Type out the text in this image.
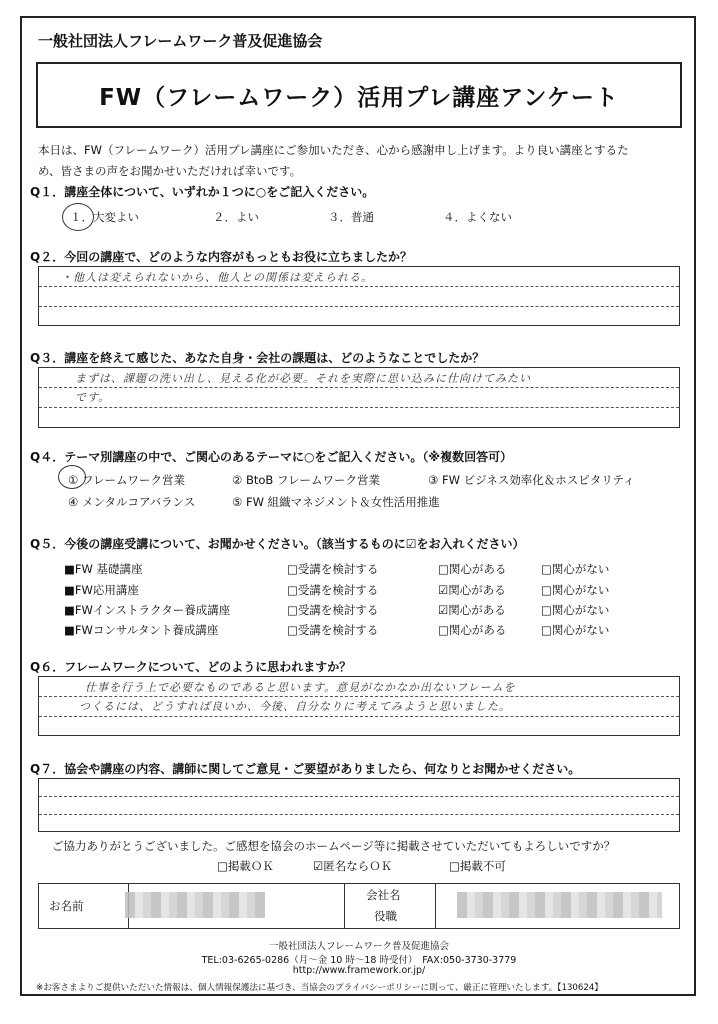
一般社団法人フレームワーク普及促進協会
FW（フレームワーク）活用プレ講座アンケート
本日は、FW（フレームワーク）活用プレ講座にご参加いただき、心から感謝申し上げます。より良い講座とするた
め、皆さまの声をお聞かせいただければ幸いです。
Q１．講座全体について、いずれか１つに○をご記入ください。
１．大変よい	２．よい	３．普通	４．よくない
Q２．今回の講座で、どのような内容がもっともお役に立ちましたか？
・他人は変えられないから、他人との関係は変えられる。
Q３．講座を終えて感じた、あなた自身・会社の課題は、どのようなことでしたか？
まずは、課題の洗い出し、見える化が必要。それを実際に思い込みに仕向けてみたい
です。
Q４．テーマ別講座の中で、ご関心のあるテーマに○をご記入ください。（※複数回答可）
① フレームワーク営業	② BtoB フレームワーク営業	③ FW ビジネス効率化＆ホスピタリティ
④ メンタルコアバランス	⑤ FW 組織マネジメント＆女性活用推進
Q５．今後の講座受講について、お聞かせください。（該当するものに☑をお入れください）
■FW 基礎講座	□受講を検討する	□関心がある	□関心がない
■FW応用講座	□受講を検討する	☑関心がある	□関心がない
■FWインストラクター養成講座	□受講を検討する	☑関心がある	□関心がない
■FWコンサルタント養成講座	□受講を検討する	□関心がある	□関心がない
Q６．フレームワークについて、どのように思われますか？
仕事を行う上で必要なものであると思います。意見がなかなか出ないフレームを
つくるには、どうすれば良いか、今後、自分なりに考えてみようと思いました。
Q７．協会や講座の内容、講師に関してご意見・ご要望がありましたら、何なりとお聞かせください。
ご協力ありがとうございました。ご感想を協会のホームページ等に掲載させていただいてもよろしいですか？
□掲載ＯＫ	☑匿名ならＯＫ	□掲載不可
お名前
会社名
役職
一般社団法人フレームワーク普及促進協会
TEL:03-6265-0286（月～金 10 時～18 時受付）　FAX:050-3730-3779
http://www.framework.or.jp/
※お客さまよりご提供いただいた情報は、個人情報保護法に基づき、当協会のプライバシーポリシーに則って、厳正に管理いたします。【130624】
